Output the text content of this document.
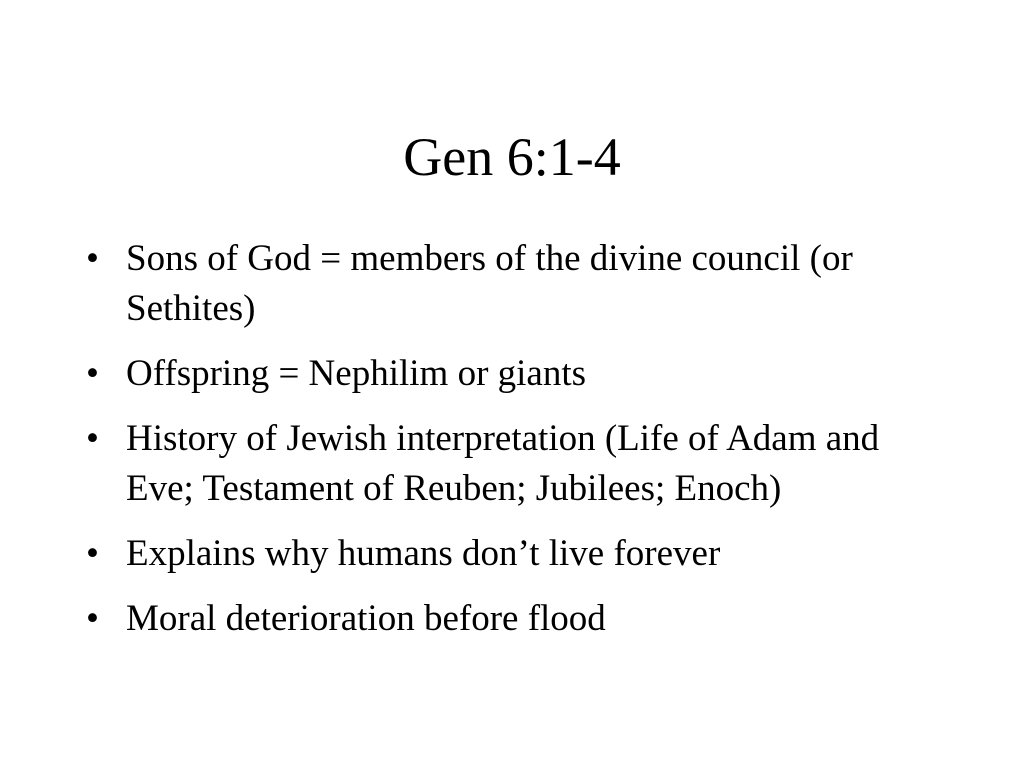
Gen 6:1-4
• Sons of God = members of the divine council (or Sethites)
• Offspring = Nephilim or giants
• History of Jewish interpretation (Life of Adam and Eve; Testament of Reuben; Jubilees; Enoch)
• Explains why humans don’t live forever
• Moral deterioration before flood
